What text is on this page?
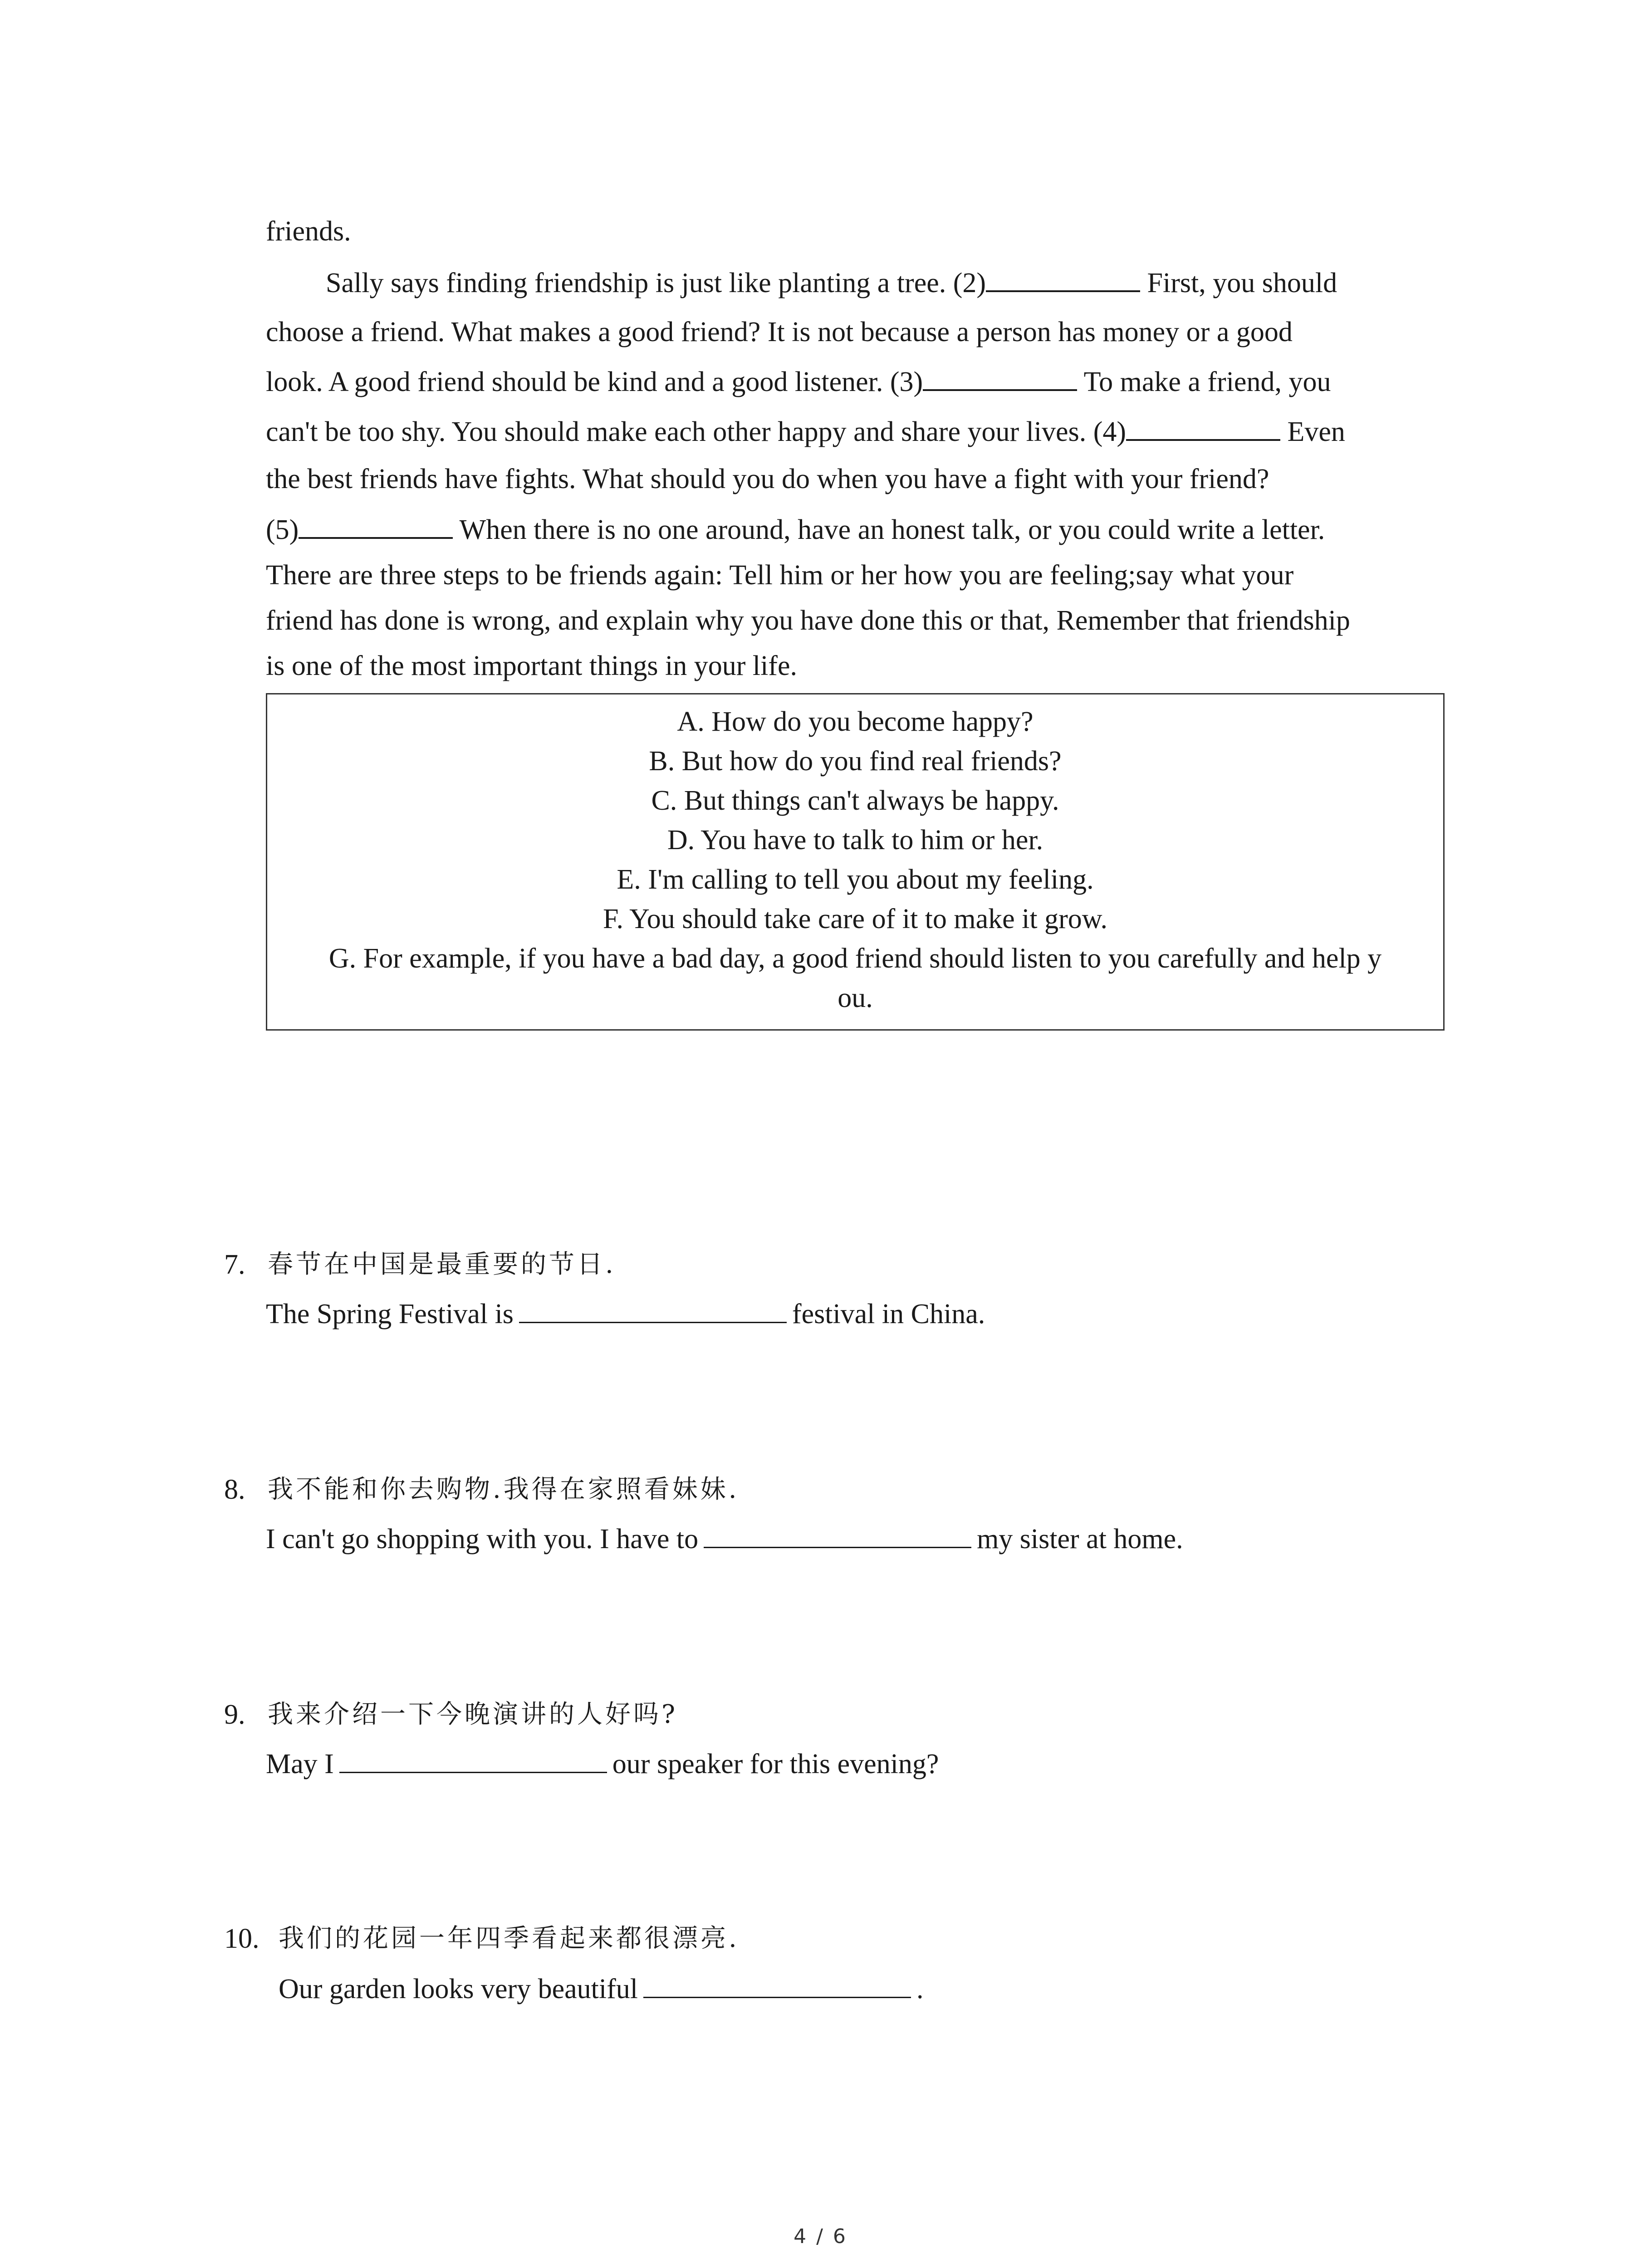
friends.
Sally says finding friendship is just like planting a tree. (2)	First, you should
choose a friend. What makes a good friend? It is not because a person has money or a good
look. A good friend should be kind and a good listener. (3)	To make a friend, you
can't be too shy. You should make each other happy and share your lives. (4)	Even
the best friends have fights. What should you do when you have a fight with your friend?
(5)	When there is no one around, have an honest talk, or you could write a letter.
There are three steps to be friends again: Tell him or her how you are feeling;say what your
friend has done is wrong, and explain why you have done this or that, Remember that friendship
is one of the most important things in your life.
A. How do you become happy?
B. But how do you find real friends?
C. But things can't always be happy.
D. You have to talk to him or her.
E. I'm calling to tell you about my feeling.
F. You should take care of it to make it grow.
G. For example, if you have a bad day, a good friend should listen to you carefully and help y
ou.
7. 春节在中国是最重要的节日.
The Spring Festival is	festival in China.
8. 我不能和你去购物.我得在家照看妹妹.
I can't go shopping with you. I have to	my sister at home.
9. 我来介绍一下今晚演讲的人好吗?
May I	our speaker for this evening?
10. 我们的花园一年四季看起来都很漂亮.
Our garden looks very beautiful	.
4 / 6
